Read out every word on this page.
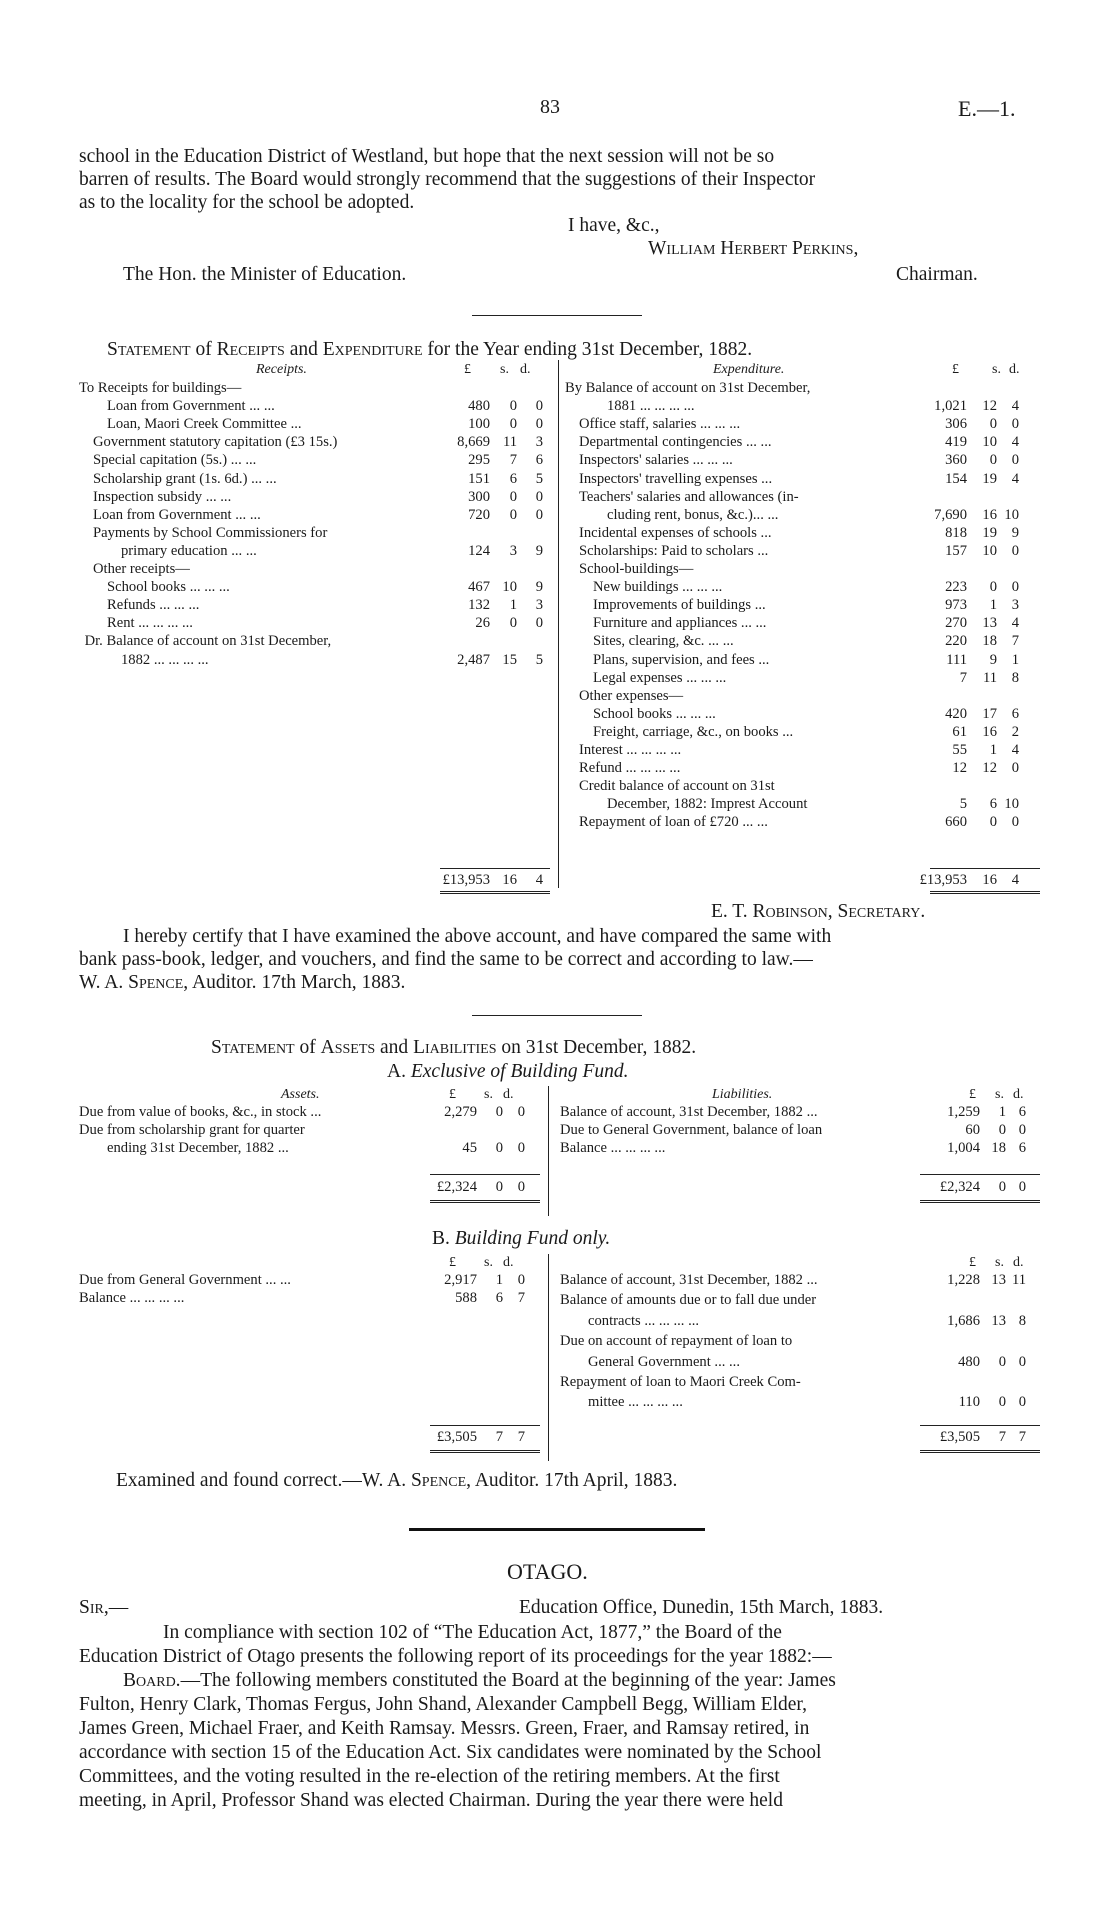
83	E.—1.
school in the Education District of Westland, but hope that the next session will not be so
barren of results. The Board would strongly recommend that the suggestions of their Inspector
as to the locality for the school be adopted.
I have, &c.,
William Herbert Perkins,
The Hon. the Minister of Education.	Chairman.
Statement of Receipts and Expenditure for the Year ending 31st December, 1882.
Receipts.	£ s. d.	Expenditure.	£ s. d.
To Receipts for buildings—
Loan from Government ... ...	480	0	0
Loan, Maori Creek Committee ...	100	0	0
Government statutory capitation (£3 15s.)	8,669 11	3
Special capitation (5s.) ... ...	295	7	6
Scholarship grant (1s. 6d.) ... ...	151	6	5
Inspection subsidy ... ...	300	0	0
Loan from Government ... ...	720	0	0
Payments by School Commissioners for
primary education ... ...	124	3	9
Other receipts—
School books ... ... ...	467 10	9
Refunds ... ... ...	132	1	3
Rent ... ... ... ...	26	0	0
Dr. Balance of account on 31st December,
1882 ... ... ... ...	2,487 15	5
By Balance of account on 31st December,
1881 ... ... ... ...	1,021	12	4
Office staff, salaries ... ... ...	306	0	0
Departmental contingencies ... ...	419	10	4
Inspectors' salaries ... ... ...	360	0	0
Inspectors' travelling expenses ...	154	19	4
Teachers' salaries and allowances (in-
cluding rent, bonus, &c.)... ...	7,690	16 10
Incidental expenses of schools ...	818	19	9
Scholarships: Paid to scholars ...	157	10	0
School-buildings—
New buildings ... ... ...	223	0	0
Improvements of buildings ...	973	1	3
Furniture and appliances ... ...	270	13	4
Sites, clearing, &c. ... ...	220	18	7
Plans, supervision, and fees ...	111	9	1
Legal expenses ... ... ...	7	11	8
Other expenses—
School books ... ... ...	420	17	6
Freight, carriage, &c., on books ...	61	16	2
Interest ... ... ... ...	55	1	4
Refund ... ... ... ...	12	12	0
Credit balance of account on 31st
December, 1882: Imprest Account	5	6 10
Repayment of loan of £720 ... ...	660	0	0
£13,953 16	4	£13,953	16	4
E. T. Robinson, Secretary.
I hereby certify that I have examined the above account, and have compared the same with
bank pass-book, ledger, and vouchers, and find the same to be correct and according to law.—
W. A. Spence, Auditor. 17th March, 1883.
Statement of Assets and Liabilities on 31st December, 1882.
A. Exclusive of Building Fund.
Assets.	£ s. d.	Liabilities.	£ s. d.
Due from value of books, &c., in stock ...	2,279	0	0
Due from scholarship grant for quarter
ending 31st December, 1882 ...	45	0	0
Balance of account, 31st December, 1882 ...	1,259	1 6
Due to General Government, balance of loan	60	0 0
Balance ... ... ... ...	1,004 18 6
£2,324	0	0	£2,324	0 0
B. Building Fund only.
£ s. d.	£ s. d.
Due from General Government ... ...	2,917	1	0
Balance ... ... ... ...	588	6	7
Balance of account, 31st December, 1882 ...	1,228 13 11
Balance of amounts due or to fall due under
contracts ... ... ... ...	1,686 13 8
Due on account of repayment of loan to
General Government ... ...	480	0 0
Repayment of loan to Maori Creek Com-
mittee ... ... ... ...	110	0 0
£3,505	7	7	£3,505	7 7
Examined and found correct.—W. A. Spence, Auditor. 17th April, 1883.
OTAGO.
Sir,—	Education Office, Dunedin, 15th March, 1883.
In compliance with section 102 of “The Education Act, 1877,” the Board of the
Education District of Otago presents the following report of its proceedings for the year 1882:—
Board.—The following members constituted the Board at the beginning of the year: James
Fulton, Henry Clark, Thomas Fergus, John Shand, Alexander Campbell Begg, William Elder,
James Green, Michael Fraer, and Keith Ramsay. Messrs. Green, Fraer, and Ramsay retired, in
accordance with section 15 of the Education Act. Six candidates were nominated by the School
Committees, and the voting resulted in the re-election of the retiring members. At the first
meeting, in April, Professor Shand was elected Chairman. During the year there were held
